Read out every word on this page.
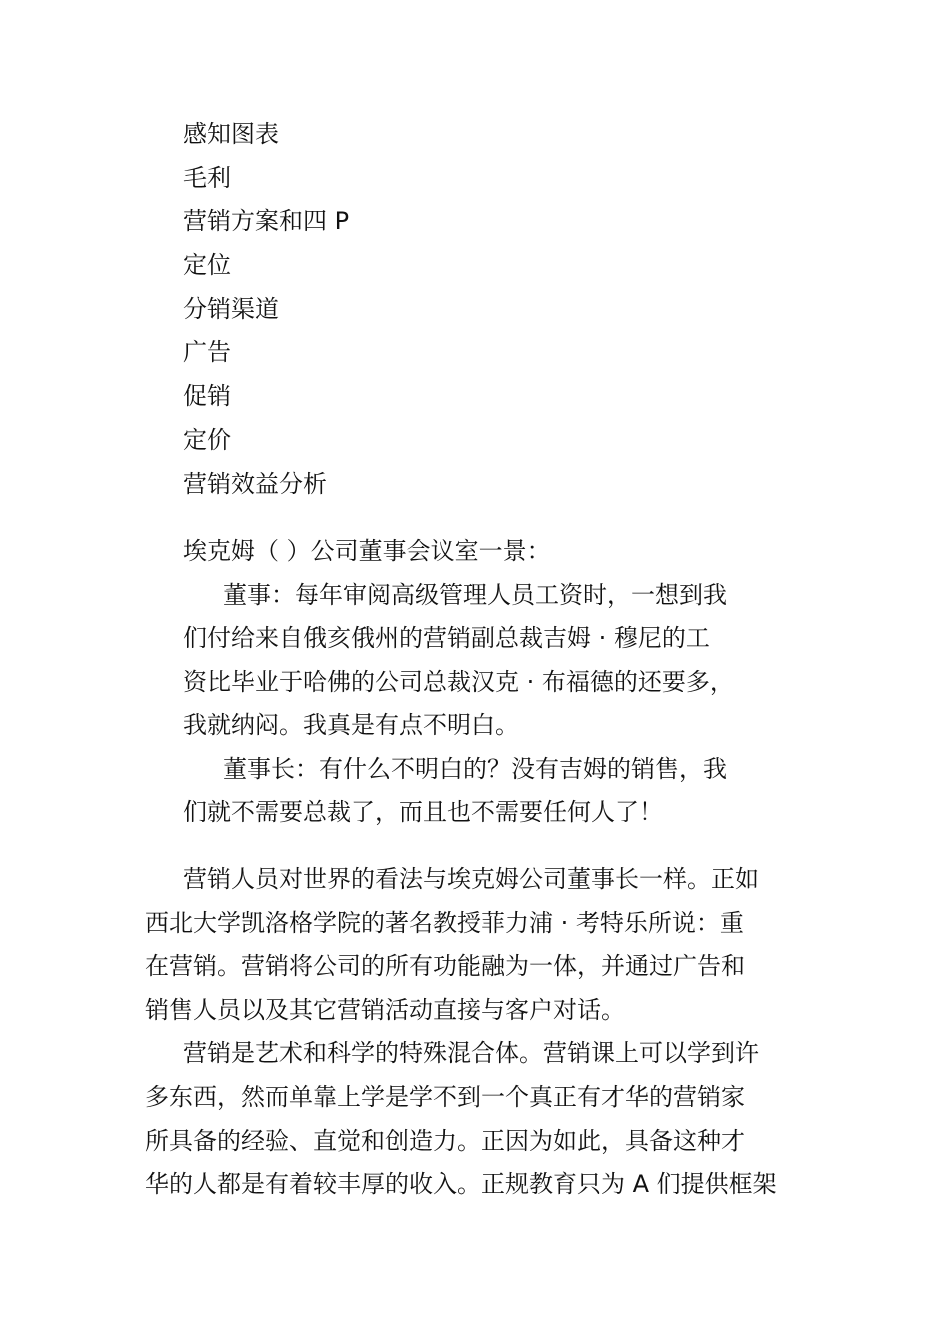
感知图表
毛利
营销方案和四 P
定位
分销渠道
广告
促销
定价
营销效益分析
埃克姆（ ）公司董事会议室一景：
董事：每年审阅高级管理人员工资时，一想到我
们付给来自俄亥俄州的营销副总裁吉姆 · 穆尼的工
资比毕业于哈佛的公司总裁汉克 · 布福德的还要多，
我就纳闷。我真是有点不明白。
董事长：有什么不明白的？没有吉姆的销售，我
们就不需要总裁了，而且也不需要任何人了！
营销人员对世界的看法与埃克姆公司董事长一样。正如
西北大学凯洛格学院的著名教授菲力浦 · 考特乐所说：重
在营销。营销将公司的所有功能融为一体，并通过广告和
销售人员以及其它营销活动直接与客户对话。
营销是艺术和科学的特殊混合体。营销课上可以学到许
多东西，然而单靠上学是学不到一个真正有才华的营销家
所具备的经验、直觉和创造力。正因为如此，具备这种才
华的人都是有着较丰厚的收入。正规教育只为 A 们提供框架
